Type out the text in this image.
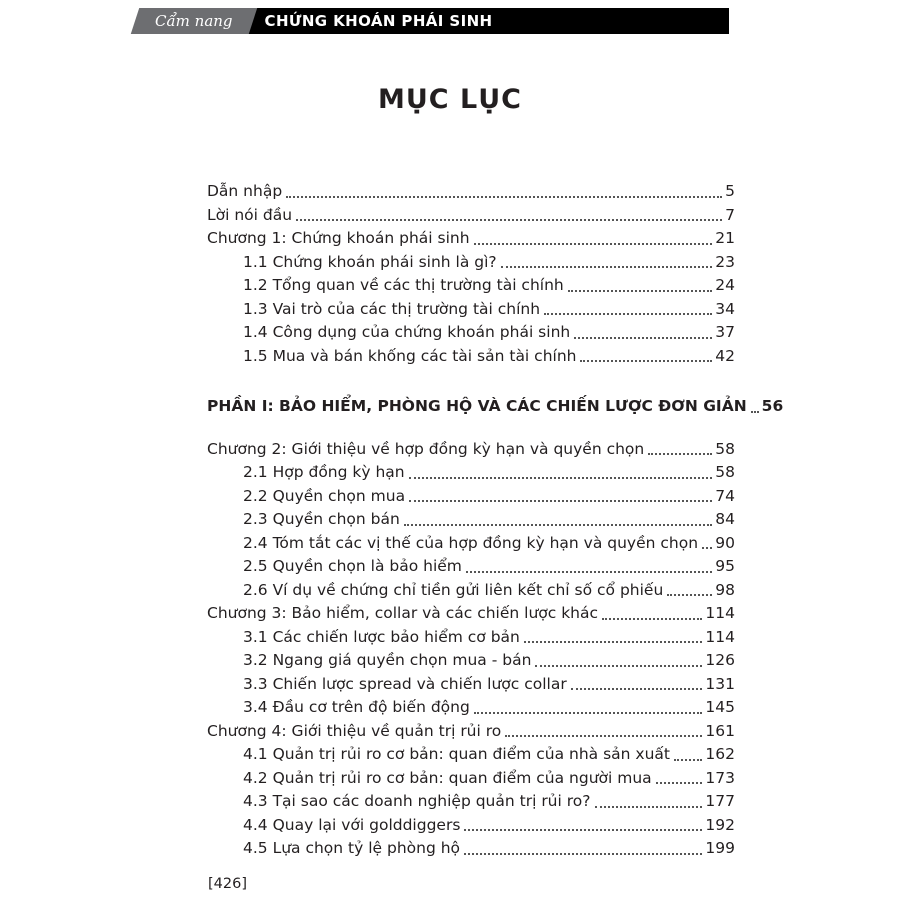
Cẩm nang	CHỨNG KHOÁN PHÁI SINH
MỤC LỤC
Dẫn nhập	5
Lời nói đầu	7
Chương 1: Chứng khoán phái sinh	21
1.1 Chứng khoán phái sinh là gì?	23
1.2 Tổng quan về các thị trường tài chính	24
1.3 Vai trò của các thị trường tài chính	34
1.4 Công dụng của chứng khoán phái sinh	37
1.5 Mua và bán khống các tài sản tài chính	42
PHẦN I: BẢO HIỂM, PHÒNG HỘ VÀ CÁC CHIẾN LƯỢC ĐƠN GIẢN 56
Chương 2: Giới thiệu về hợp đồng kỳ hạn và quyền chọn	58
2.1 Hợp đồng kỳ hạn	58
2.2 Quyền chọn mua	74
2.3 Quyền chọn bán	84
2.4 Tóm tắt các vị thế của hợp đồng kỳ hạn và quyền chọn 90
2.5 Quyền chọn là bảo hiểm	95
2.6 Ví dụ về chứng chỉ tiền gửi liên kết chỉ số cổ phiếu	98
Chương 3: Bảo hiểm, collar và các chiến lược khác	114
3.1 Các chiến lược bảo hiểm cơ bản	114
3.2 Ngang giá quyền chọn mua - bán	126
3.3 Chiến lược spread và chiến lược collar	131
3.4 Đầu cơ trên độ biến động	145
Chương 4: Giới thiệu về quản trị rủi ro	161
4.1 Quản trị rủi ro cơ bản: quan điểm của nhà sản xuất 162
4.2 Quản trị rủi ro cơ bản: quan điểm của người mua	173
4.3 Tại sao các doanh nghiệp quản trị rủi ro?	177
4.4 Quay lại với golddiggers	192
4.5 Lựa chọn tỷ lệ phòng hộ	199
[426]
